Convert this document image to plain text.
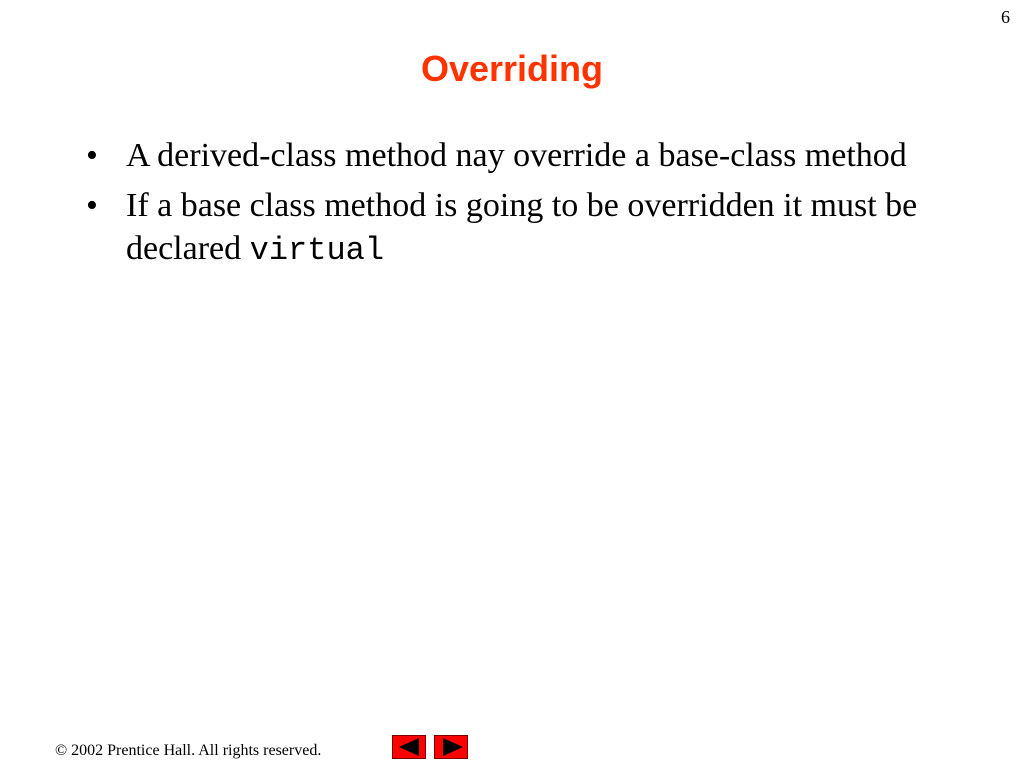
6
Overriding
• A derived-class method nay override a base-class method
• If a base class method is going to be overridden it must be declared virtual
© 2002 Prentice Hall. All rights reserved.
